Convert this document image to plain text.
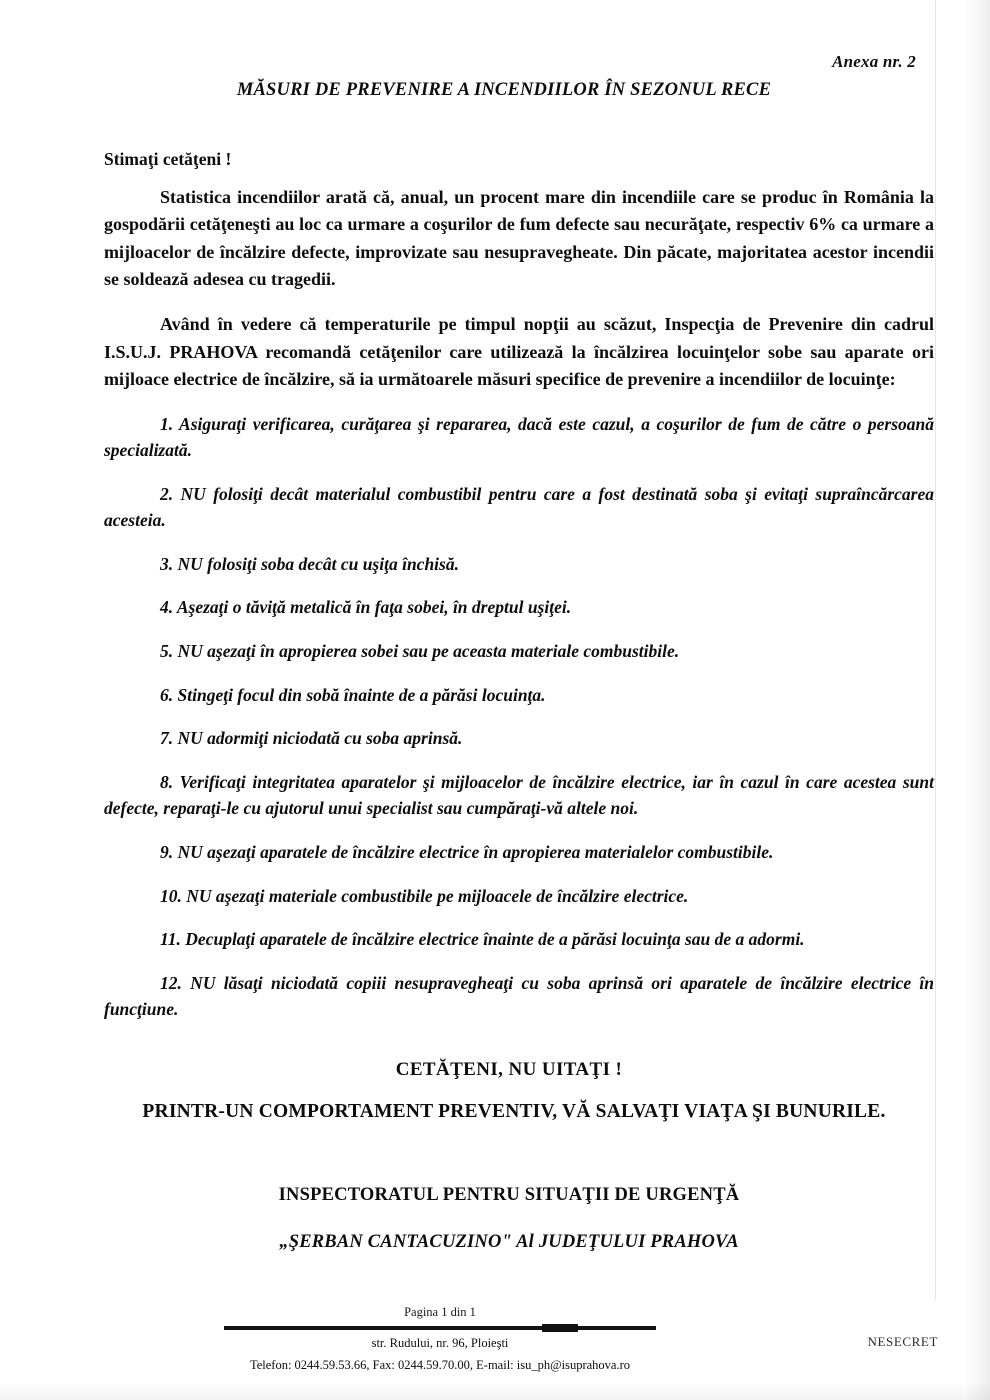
Anexa nr. 2
MĂSURI DE PREVENIRE A INCENDIILOR ÎN SEZONUL RECE
Stimaţi cetăţeni !

Statistica incendiilor arată că, anual, un procent mare din incendiile care se produc în România la gospodării cetăţeneşti au loc ca urmare a coşurilor de fum defecte sau necurăţate, respectiv 6% ca urmare a mijloacelor de încălzire defecte, improvizate sau nesupravegheate. Din păcate, majoritatea acestor incendii se soldează adesea cu tragedii.

Având în vedere că temperaturile pe timpul nopţii au scăzut, Inspecţia de Prevenire din cadrul I.S.U.J. PRAHOVA recomandă cetăţenilor care utilizează la încălzirea locuinţelor sobe sau aparate ori mijloace electrice de încălzire, să ia următoarele măsuri specifice de prevenire a incendiilor de locuinţe:

1. Asiguraţi verificarea, curăţarea şi repararea, dacă este cazul, a coşurilor de fum de către o persoană specializată.

2. NU folosiţi decât materialul combustibil pentru care a fost destinată soba şi evitaţi supraîncărcarea acesteia.

3. NU folosiţi soba decât cu uşiţa închisă.

4. Aşezaţi o tăviţă metalică în faţa sobei, în dreptul uşiţei.

5. NU aşezaţi în apropierea sobei sau pe aceasta materiale combustibile.

6. Stingeţi focul din sobă înainte de a părăsi locuinţa.

7. NU adormiţi niciodată cu soba aprinsă.

8. Verificaţi integritatea aparatelor şi mijloacelor de încălzire electrice, iar în cazul în care acestea sunt defecte, reparaţi-le cu ajutorul unui specialist sau cumpăraţi-vă altele noi.

9. NU aşezaţi aparatele de încălzire electrice în apropierea materialelor combustibile.

10. NU aşezaţi materiale combustibile pe mijloacele de încălzire electrice.

11. Decuplaţi aparatele de încălzire electrice înainte de a părăsi locuinţa sau de a adormi.

12. NU lăsaţi niciodată copiii nesupravegheaţi cu soba aprinsă ori aparatele de încălzire electrice în funcţiune.

CETĂŢENI, NU UITAŢI !
PRINTR-UN COMPORTAMENT PREVENTIV, VĂ SALVAŢI VIAŢA ŞI BUNURILE.
INSPECTORATUL PENTRU SITUAŢII DE URGENŢĂ
„ŞERBAN CANTACUZINO" Al JUDEŢULUI PRAHOVA
Pagina 1 din 1
str. Rudului, nr. 96, Ploieşti
Telefon: 0244.59.53.66, Fax: 0244.59.70.00, E-mail: isu_ph@isuprahova.ro
NESECRET
